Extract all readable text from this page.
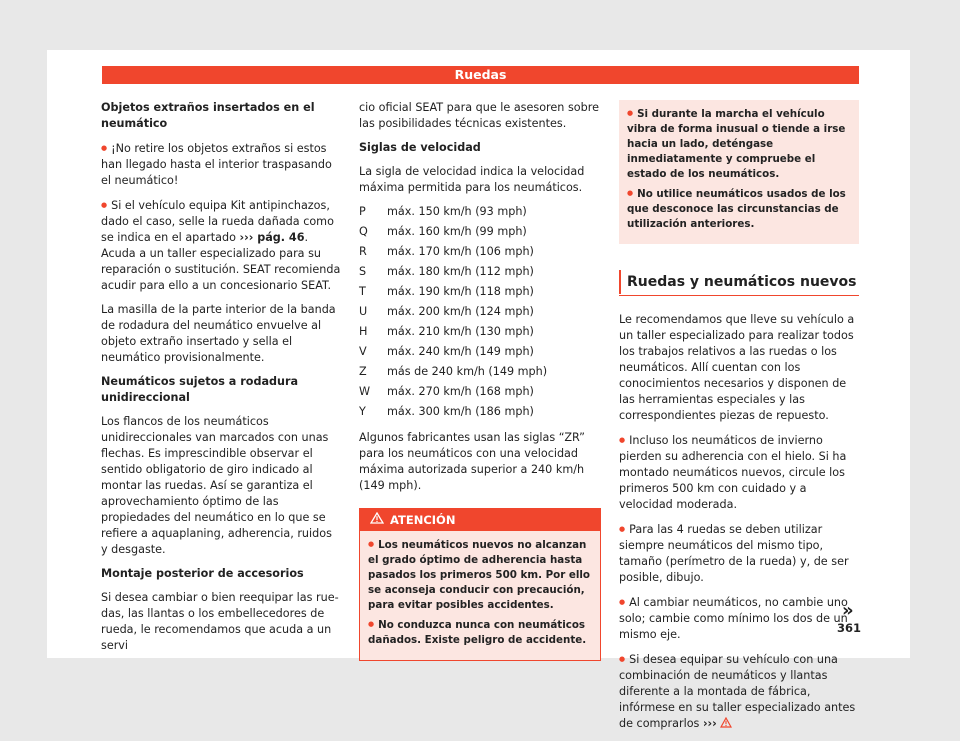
Ruedas

Objetos extraños insertados en el neumático

● ¡No retire los objetos extraños si estos han llegado hasta el interior traspasando el neumático!

● Si el vehículo equipa Kit antipinchazos, dado el caso, selle la rueda dañada como se indica en el apartado ››› pág. 46. Acuda a un taller especializado para su reparación o sustitución. SEAT recomienda acudir para ello a un concesionario SEAT.

La masilla de la parte interior de la banda de rodadura del neumático envuelve al objeto extraño insertado y sella el neumático provisionalmente.

Neumáticos sujetos a rodadura unidireccional

Los flancos de los neumáticos unidireccionales van marcados con unas flechas. Es imprescindible observar el sentido obligatorio de giro indicado al montar las ruedas. Así se garantiza el aprovechamiento óptimo de las propiedades del neumático en lo que se refiere a aquaplaning, adherencia, ruidos y desgaste.

Montaje posterior de accesorios

Si desea cambiar o bien reequipar las ruedas, las llantas o los embellecedores de rueda, le recomendamos que acuda a un servi

cio oficial SEAT para que le asesoren sobre las posibilidades técnicas existentes.

Siglas de velocidad

La sigla de velocidad indica la velocidad máxima permitida para los neumáticos.

P	máx. 150 km/h (93 mph)
Q	máx. 160 km/h (99 mph)
R	máx. 170 km/h (106 mph)
S	máx. 180 km/h (112 mph)
T	máx. 190 km/h (118 mph)
U	máx. 200 km/h (124 mph)
H	máx. 210 km/h (130 mph)
V	máx. 240 km/h (149 mph)
Z	más de 240 km/h (149 mph)
W	máx. 270 km/h (168 mph)
Y	máx. 300 km/h (186 mph)

Algunos fabricantes usan las siglas “ZR” para los neumáticos con una velocidad máxima autorizada superior a 240 km/h (149 mph).

ATENCIÓN

● Los neumáticos nuevos no alcanzan el grado óptimo de adherencia hasta pasados los primeros 500 km. Por ello se aconseja conducir con precaución, para evitar posibles accidentes.

● No conduzca nunca con neumáticos dañados. Existe peligro de accidente.

● Si durante la marcha el vehículo vibra de forma inusual o tiende a irse hacia un lado, deténgase inmediatamente y compruebe el estado de los neumáticos.

● No utilice neumáticos usados de los que desconoce las circunstancias de utilización anteriores.

Ruedas y neumáticos nuevos

Le recomendamos que lleve su vehículo a un taller especializado para realizar todos los trabajos relativos a las ruedas o los neumáticos. Allí cuentan con los conocimientos necesarios y disponen de las herramientas especiales y las correspondientes piezas de repuesto.

● Incluso los neumáticos de invierno pierden su adherencia con el hielo. Si ha montado neumáticos nuevos, circule los primeros 500 km con cuidado y a velocidad moderada.

● Para las 4 ruedas se deben utilizar siempre neumáticos del mismo tipo, tamaño (perímetro de la rueda) y, de ser posible, dibujo.

● Al cambiar neumáticos, no cambie uno solo; cambie como mínimo los dos de un mismo eje.

● Si desea equipar su vehículo con una combinación de neumáticos y llantas diferente a la montada de fábrica, infórmese en su taller especializado antes de comprarlos ›››

»
361
